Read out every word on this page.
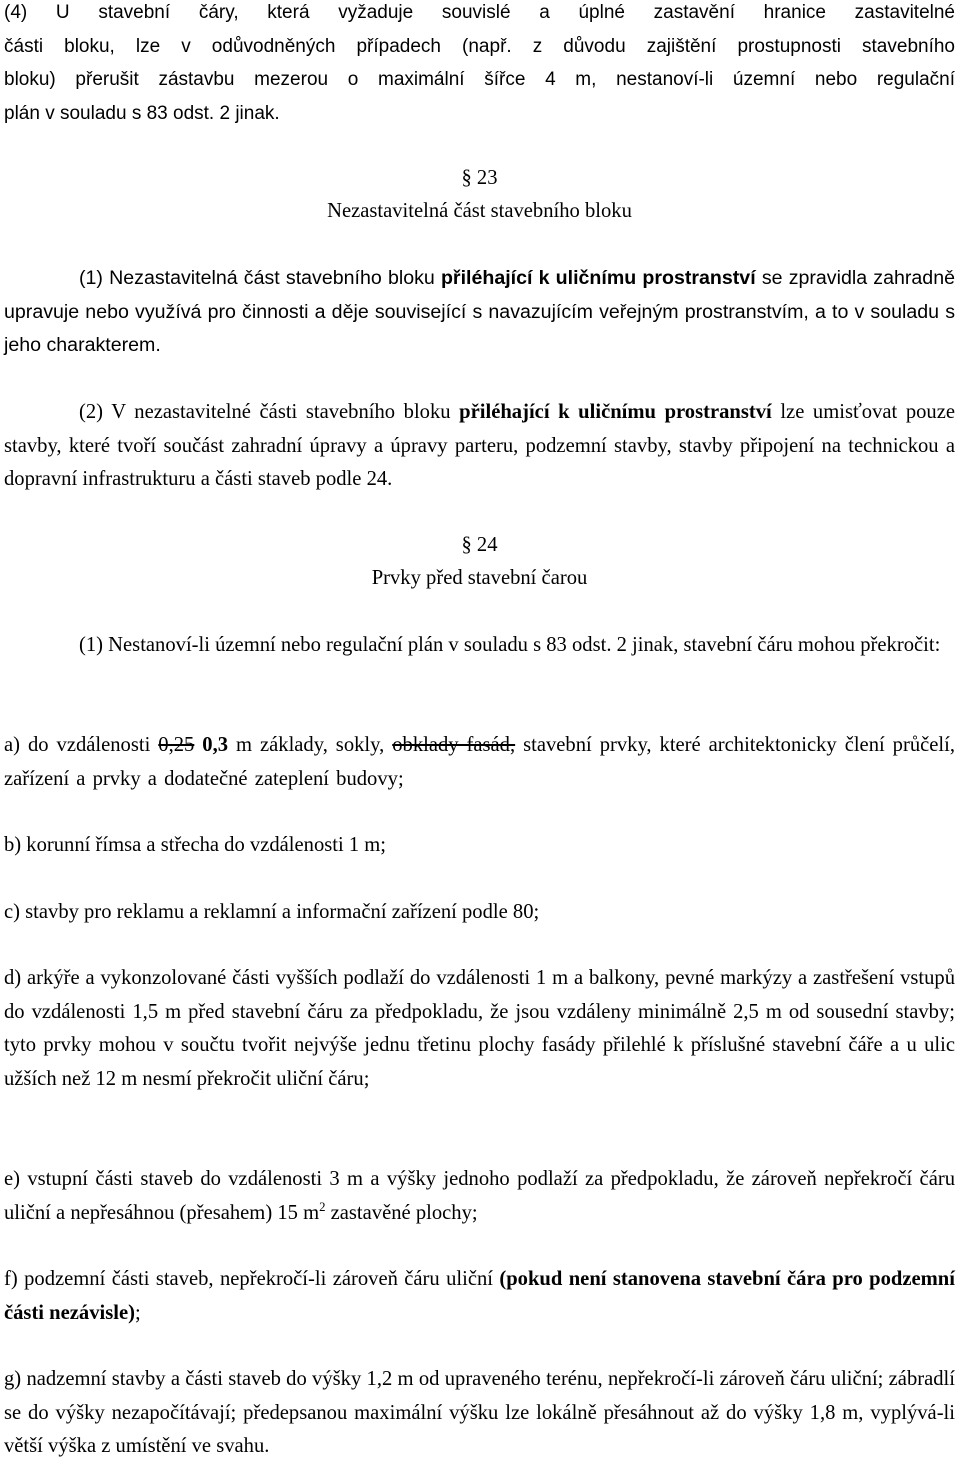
(4) U stavební čáry, která vyžaduje souvislé a úplné zastavění hranice zastavitelné
části bloku, lze v odůvodněných případech (např. z důvodu zajištění prostupnosti stavebního
bloku) přerušit zástavbu mezerou o maximální šířce 4 m, nestanoví-li územní nebo regulační
plán v souladu s 83 odst. 2 jinak.
§ 23
Nezastavitelná část stavebního bloku
(1) Nezastavitelná část stavebního bloku přiléhající k uličnímu prostranství se zpravidla zahradně upravuje nebo využívá pro činnosti a děje související s navazujícím veřejným prostranstvím, a to v souladu s jeho charakterem.
(2) V nezastavitelné části stavebního bloku přiléhající k uličnímu prostranství lze umisťovat pouze stavby, které tvoří součást zahradní úpravy a úpravy parteru, podzemní stavby, stavby připojení na technickou a dopravní infrastrukturu a části staveb podle 24.
§ 24
Prvky před stavební čarou
(1) Nestanoví-li územní nebo regulační plán v souladu s 83 odst. 2 jinak, stavební čáru mohou překročit:
a) do vzdálenosti 0,25 0,3 m základy, sokly, obklady fasád, stavební prvky, které architektonicky člení průčelí, zařízení a prvky a dodatečné zateplení budovy;
b) korunní římsa a střecha do vzdálenosti 1 m;
c) stavby pro reklamu a reklamní a informační zařízení podle 80;
d) arkýře a vykonzolované části vyšších podlaží do vzdálenosti 1 m a balkony, pevné markýzy a zastřešení vstupů do vzdálenosti 1,5 m před stavební čáru za předpokladu, že jsou vzdáleny minimálně 2,5 m od sousední stavby; tyto prvky mohou v součtu tvořit nejvýše jednu třetinu plochy fasády přilehlé k příslušné stavební čáře a u ulic užších než 12 m nesmí překročit uliční čáru;
e) vstupní části staveb do vzdálenosti 3 m a výšky jednoho podlaží za předpokladu, že zároveň nepřekročí čáru uliční a nepřesáhnou (přesahem) 15 $m^2$ zastavěné plochy;
f) podzemní části staveb, nepřekročí-li zároveň čáru uliční (pokud není stanovena stavební čára pro podzemní části nezávisle);
g) nadzemní stavby a části staveb do výšky 1,2 m od upraveného terénu, nepřekročí-li zároveň čáru uliční; zábradlí se do výšky nezapočítávají; předepsanou maximální výšku lze lokálně přesáhnout až do výšky 1,8 m, vyplývá-li větší výška z umístění ve svahu.
